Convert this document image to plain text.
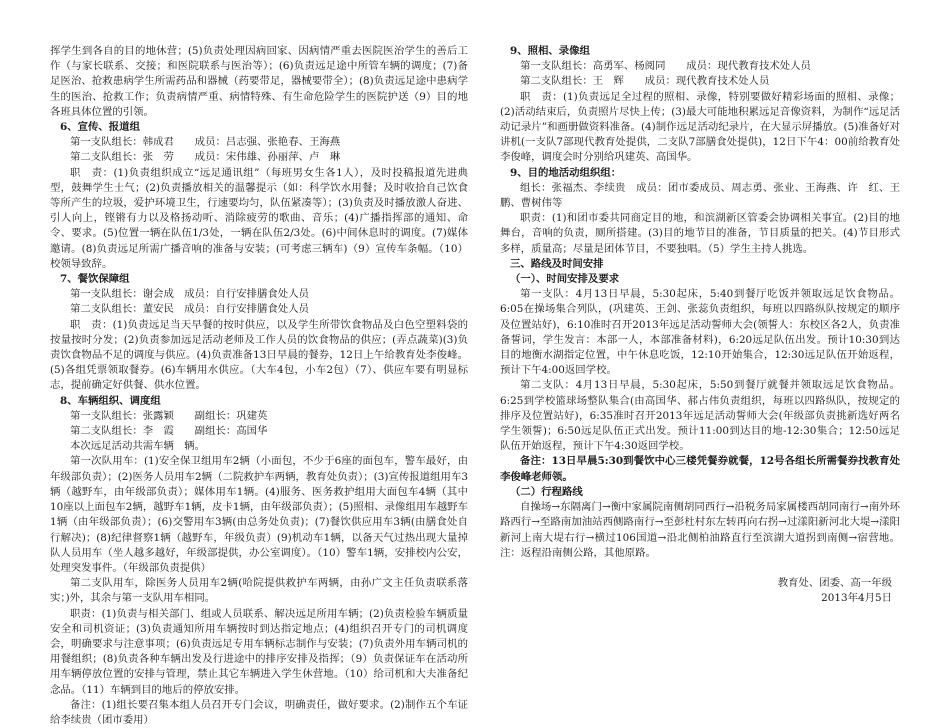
挥学生到各自的目的地休营；(5)负责处理因病回家、因病情严重去医院医治学生的善后工作（与家长联系、交接；和医院联系与医治等）；(6)负责远足途中所管车辆的调度；(7)备足医治、抢救患病学生所需药品和器械（药要带足，器械要带全）；(8)负责远足途中患病学生的医治、抢救工作；负责病情严重、病情特殊、有生命危险学生的医院护送（9）目的地各班具体位置的引领。

6、宣传、报道组

第一支队组长：韩成君　　成员：吕志强、张艳春、王海燕

第二支队组长：张　劳　　成员：宋伟雄、孙丽萍、卢　琳

职　责：(1)负责组织成立“远足通讯组”（每班男女生各1人），及时投稿报道先进典型，鼓舞学生士气；(2)负责播放相关的温馨提示（如：科学饮水用餐；及时收拾自己饮食等所产生的垃圾，爱护环境卫生，行速要均匀，队伍紧凑等）；(3)负责及时播放激人奋进、引人向上，铿锵有力以及格扬动听、消除疲劳的歌曲、音乐；(4)广播指挥部的通知、命令、要求。(5)位置一辆在队伍1/3处，一辆在队伍2/3处。(6)中间休息时的调度。(7)媒体邀请。(8)负责远足所需广播音响的准备与安装；(可考虑三辆车)（9）宣传车条幅。（10）校领导致辞。

7、餐饮保障组

第一支队组长：谢会成　成员：自行安排膳食处人员

第二支队组长：董安民　成员：自行安排膳食处人员

职　责：(1)负责远足当天早餐的按时供应，以及学生所带饮食物品及白色空塑料袋的按量按时分发；(2)负责参加远足活动老师及工作人员的饮食物品的供应；(弄点蔬菜)(3)负责饮食物品不足的调度与供应。(4)负责准备13日早晨的餐券，12日上午给教育处李俊峰。(5)各组凭票领取餐券。(6)车辆用水供应。（大车4包，小车2包）（7）、供应车要有明显标志，提前确定好供餐、供水位置。

8、车辆组织、调度组

第一支队组长：张露颖　　副组长：巩建英

第二支队组长：李　霞　　副组长：高国华

本次远足活动共需车辆　辆。

第一次队用车：(1)安全保卫组用车2辆（小面包，不少于6座的面包车，警车最好，由年级部负责）；(2)医务人员用车2辆（二院救护车两辆，教育处负责）；(3)宣传报道组用车3辆（越野车，由年级部负责）；媒体用车1辆。(4)服务、医务救护组用大面包车4辆（其中10座以上面包车2辆，越野车1辆，皮卡1辆，由年级部负责）；(5)照相、录像组用车越野车1辆（由年级部负责）；(6)交警用车3辆(由总务处负责)；(7)餐饮供应用车3辆(由膳食处自行解决)；(8)纪律督察1辆（越野车，年级负责）(9)机动车1辆，以备天气过热出现大量掉队人员用车（坐人越多越好，年级部提供，办公室调度）。（10）警车1辆，安排校内公安，处理突发事件。（年级部负责提供）

第二支队用车，除医务人员用车2辆(哈院提供救护车两辆，由孙广文主任负责联系落实；)外，其余与第一支队用车相同。

职责：(1)负责与相关部门、组或人员联系、解决远足所用车辆；(2)负责检验车辆质量安全和司机资证；(3)负责通知所用车辆按时到达指定地点；(4)组织召开专门的司机调度会，明确要求与注意事项；(6)负责远足专用车辆标志制作与安装；(7)负责外用车辆司机的用餐组织；(8)负责各种车辆出发及行进途中的排序安排及指挥；（9）负责保证车在活动所用车辆停放位置的安排与管理，禁止其它车辆进入学生休营地。（10）给司机和大夫准备纪念品。（11）车辆到目的地后的停放安排。

备注：(1)组长要召集本组人员召开专门会议，明确责任，做好要求。(2)制作五个车证给李续贵（团市委用）

9、照相、录像组

第一支队组长：高勇军、杨阅同　　成员：现代教育技术处人员

第二支队组长：王　辉　　成员：现代教育技术处人员

职　责：(1)负责远足全过程的照相、录像，特别要做好精彩场面的照相、录像；(2)活动结束后，负责照片尽快上传；(3)最大可能地积累远足音像资料，为制作“远足活动记录片”和画册做资料准备。(4)制作远足活动纪录片，在大显示屏播放。(5)准备好对讲机(一支队7部现代教育处提供，二支队7部膳食处提供)，12日下午4：00前给教育处李俊峰，调度会时分别给巩建英、高国华。

9、目的地活动组织组：

组长：张福杰、李续贵　成员：团市委成员、周志勇、张业、王海燕、许　红、王鹏、曹树伟等

职责：(1)和团市委共同商定目的地，和滨湖新区管委会协调相关事宜。(2)目的地舞台，音响的负责，厕所搭建。(3)目的地节目的准备，节目质量的把关。(4)节目形式多样，质量高；尽量是团体节目，不要独唱。（5）学生主持人挑选。

三、路线及时间安排

（一）、时间安排及要求

第一支队：4月13日早晨，5:30起床，5:40到餐厅吃饭并领取远足饮食物品。6:05在操场集合列队，(巩建英、王剑、张蕊负责组织，每班以四路纵队按规定的顺序及位置站好)，6:10准时召开2013年远足活动誓师大会(领誓人：东校区各2人，负责准备誓词，学生发言：本部一人，本部准备材料)，6:20远足队伍出发。预计10:30到达目的地衡水湖指定位置，中午休息吃饭，12:10开始集合，12:30远足队伍开始返程，预计下午4:00返回学校。

第二支队：4月13日早晨，5:30起床，5:50到餐厅就餐并领取远足饮食物品。6:25到学校篮球场整队集合(由高国华、郝占伟负责组织，每班以四路纵队，按规定的排序及位置站好)，6:35准时召开2013年远足活动誓师大会(年级部负责挑新选好两名学生领誓)；6:50远足队伍正式出发。预计11:00到达目的地-12:30集合；12:50远足队伍开始返程，预计下午4:30返回学校。

备注：13日早晨5:30到餐饮中心三楼凭餐券就餐，12号各组长所需餐券找教育处李俊峰老师领。

（二）行程路线

自操场→东隔离门→衡中家属院南侧胡同西行→沿税务局家属楼西胡同南行→南外环路西行→至路南加油站西侧路南行→至彭杜村东左转再向右拐→过漾阳新河北大堤→漾阳新河上南大堤右行→横过106国道→沿北侧柏油路直行至滨湖大道拐到南侧→宿营地。注：返程沿南侧公路，其他原路。

教育处、团委、高一年级

2013年4月5日
